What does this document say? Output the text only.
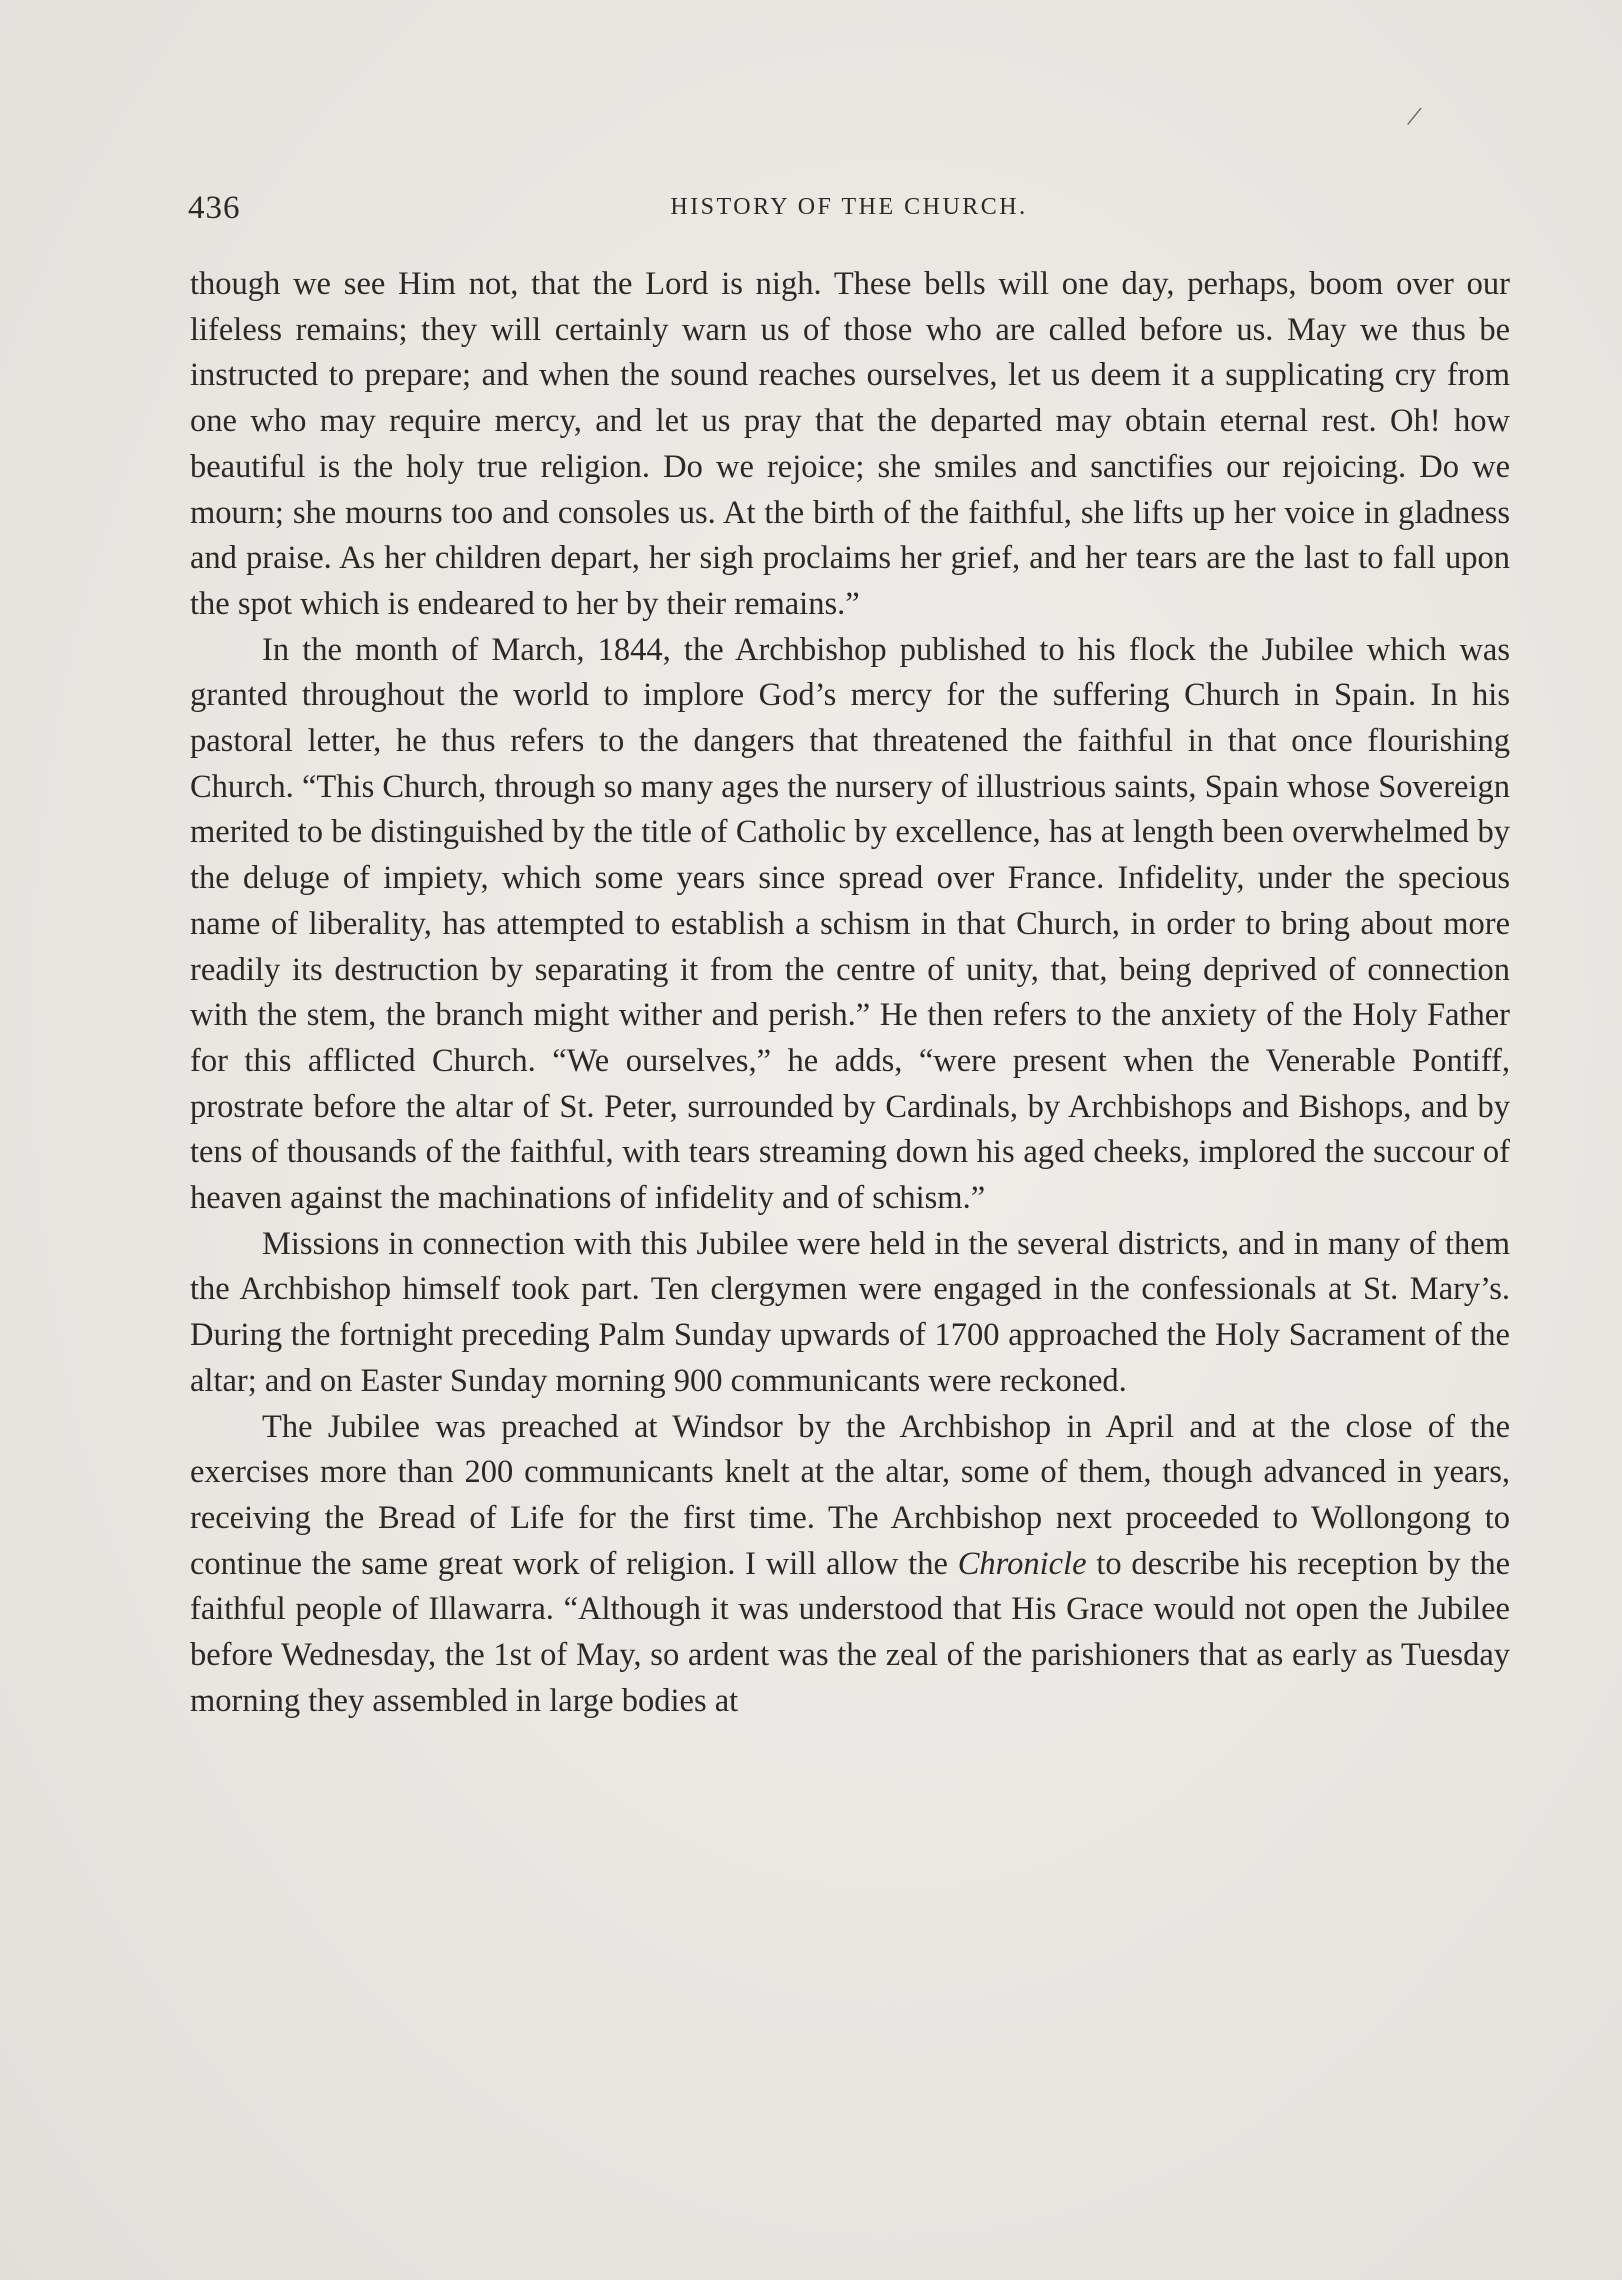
/
436	HISTORY OF THE CHURCH.

though we see Him not, that the Lord is nigh. These bells will one day, perhaps, boom over our lifeless remains; they will certainly warn us of those who are called before us. May we thus be instructed to prepare; and when the sound reaches ourselves, let us deem it a supplicating cry from one who may require mercy, and let us pray that the departed may obtain eternal rest. Oh! how beautiful is the holy true religion. Do we rejoice; she smiles and sanctifies our rejoicing. Do we mourn; she mourns too and consoles us. At the birth of the faithful, she lifts up her voice in gladness and praise. As her children depart, her sigh proclaims her grief, and her tears are the last to fall upon the spot which is endeared to her by their remains.”

In the month of March, 1844, the Archbishop published to his flock the Jubilee which was granted throughout the world to implore God’s mercy for the suffering Church in Spain. In his pastoral letter, he thus refers to the dangers that threatened the faithful in that once flourishing Church. “This Church, through so many ages the nursery of illustrious saints, Spain whose Sovereign merited to be distinguished by the title of Catholic by excellence, has at length been overwhelmed by the deluge of impiety, which some years since spread over France. Infidelity, under the specious name of liberality, has attempted to establish a schism in that Church, in order to bring about more readily its destruction by separating it from the centre of unity, that, being deprived of connection with the stem, the branch might wither and perish.” He then refers to the anxiety of the Holy Father for this afflicted Church. “We ourselves,” he adds, “were present when the Venerable Pontiff, prostrate before the altar of St. Peter, surrounded by Cardinals, by Archbishops and Bishops, and by tens of thousands of the faithful, with tears streaming down his aged cheeks, implored the succour of heaven against the machinations of infidelity and of schism.”

Missions in connection with this Jubilee were held in the several districts, and in many of them the Archbishop himself took part. Ten clergymen were engaged in the confessionals at St. Mary’s. During the fortnight preceding Palm Sunday upwards of 1700 approached the Holy Sacrament of the altar; and on Easter Sunday morning 900 communicants were reckoned.

The Jubilee was preached at Windsor by the Archbishop in April and at the close of the exercises more than 200 communicants knelt at the altar, some of them, though advanced in years, receiving the Bread of Life for the first time. The Archbishop next proceeded to Wollongong to continue the same great work of religion. I will allow the Chronicle to describe his reception by the faithful people of Illawarra. “Although it was understood that His Grace would not open the Jubilee before Wednesday, the 1st of May, so ardent was the zeal of the parishioners that as early as Tuesday morning they assembled in large bodies at
